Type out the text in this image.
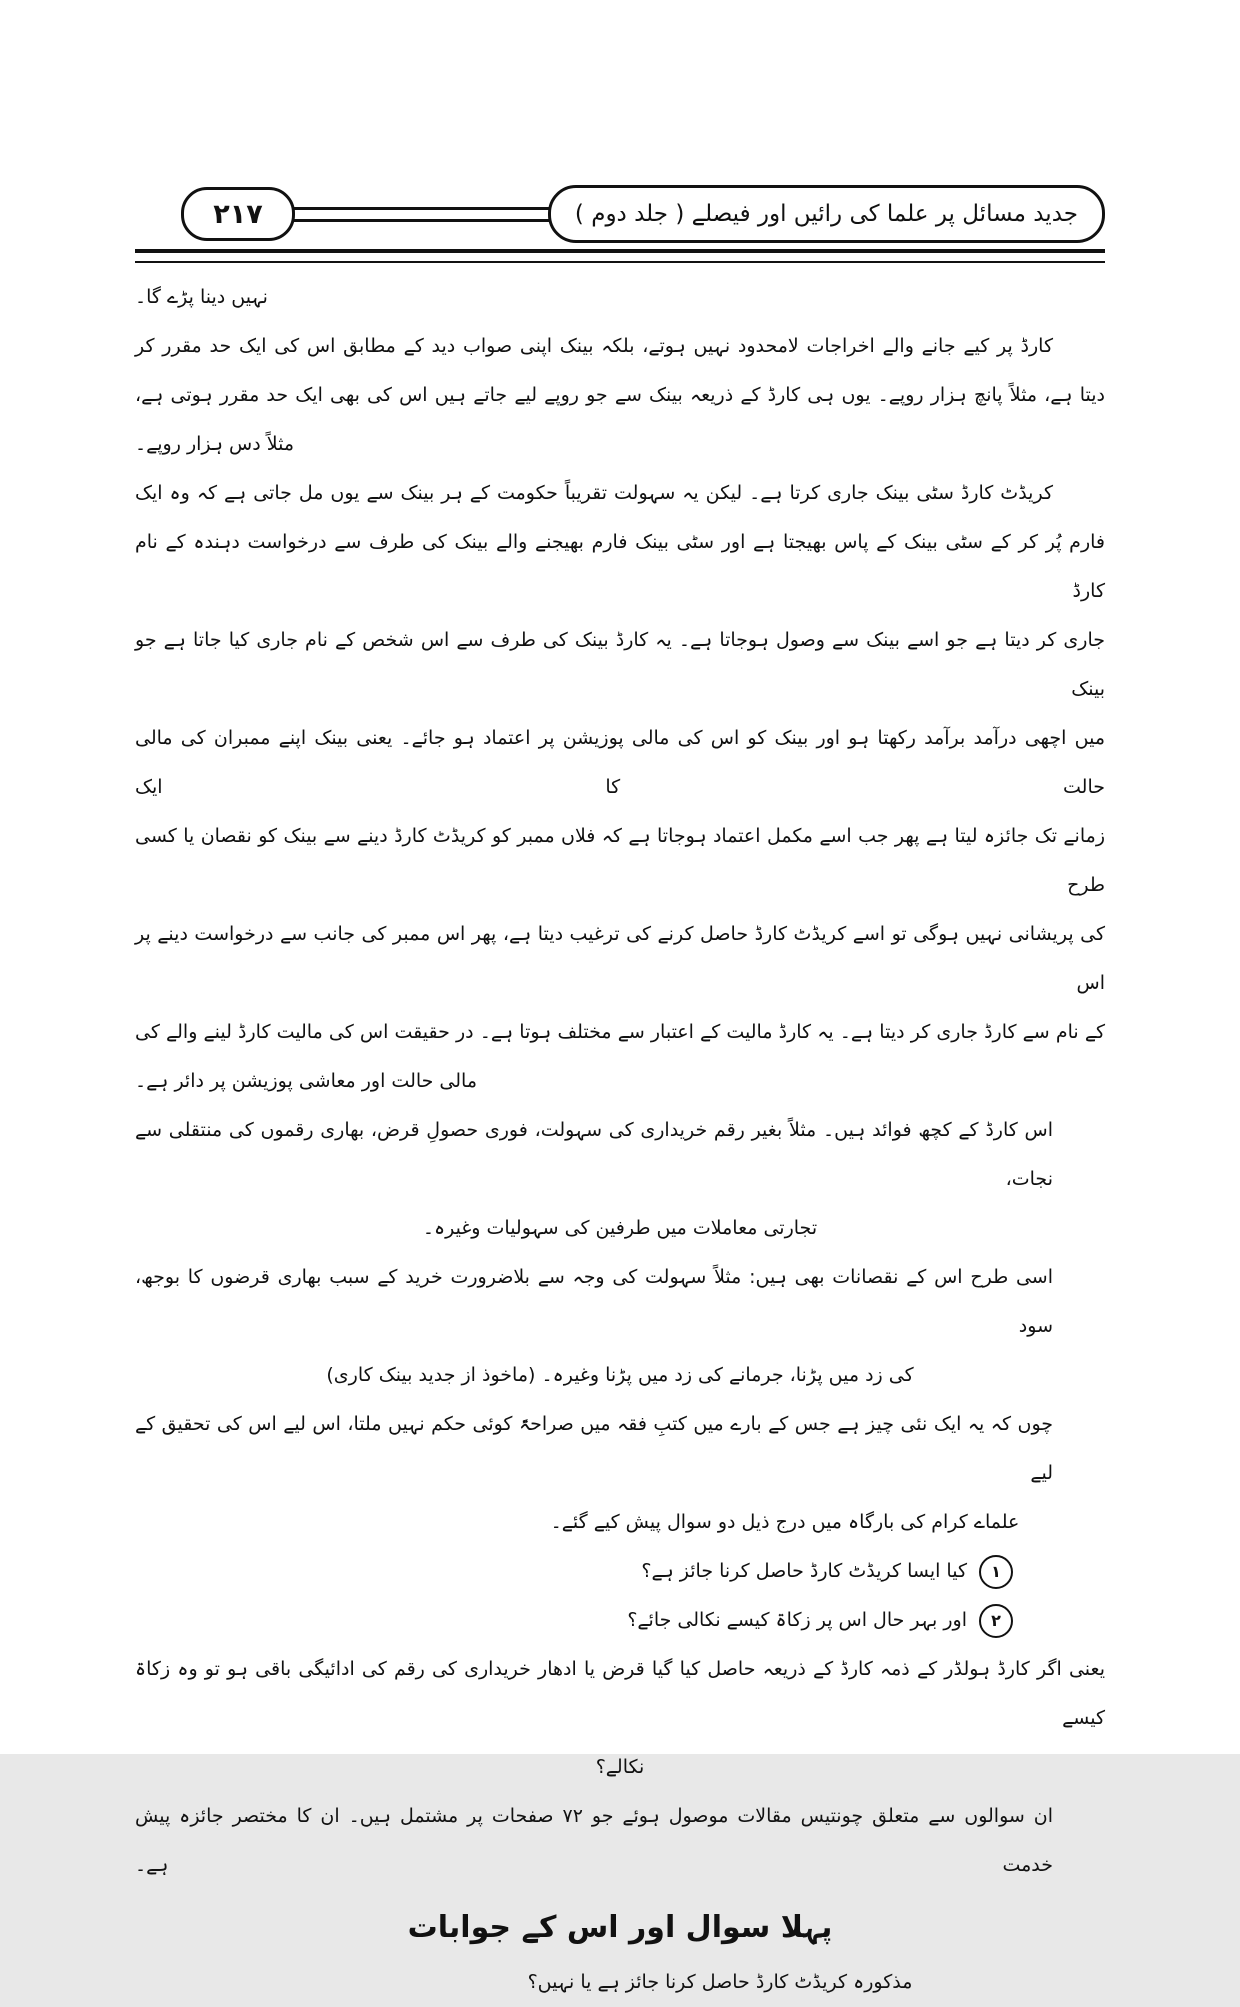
۲۱۷	جدید مسائل پر علما کی رائیں اور فیصلے ( جلد دوم )
نہیں دینا پڑے گا۔
کارڈ پر کیے جانے والے اخراجات لامحدود نہیں ہوتے، بلکہ بینک اپنی صواب دید کے مطابق اس کی ایک حد مقرر کر
دیتا ہے، مثلاً پانچ ہزار روپے۔ یوں ہی کارڈ کے ذریعہ بینک سے جو روپے لیے جاتے ہیں اس کی بھی ایک حد مقرر ہوتی ہے،
مثلاً دس ہزار روپے۔
کریڈٹ کارڈ سٹی بینک جاری کرتا ہے۔ لیکن یہ سہولت تقریباً حکومت کے ہر بینک سے یوں مل جاتی ہے کہ وہ ایک
فارم پُر کر کے سٹی بینک کے پاس بھیجتا ہے اور سٹی بینک فارم بھیجنے والے بینک کی طرف سے درخواست دہندہ کے نام کارڈ
جاری کر دیتا ہے جو اسے بینک سے وصول ہوجاتا ہے۔ یہ کارڈ بینک کی طرف سے اس شخص کے نام جاری کیا جاتا ہے جو بینک
میں اچھی درآمد برآمد رکھتا ہو اور بینک کو اس کی مالی پوزیشن پر اعتماد ہو جائے۔ یعنی بینک اپنے ممبران کی مالی حالت کا ایک
زمانے تک جائزہ لیتا ہے پھر جب اسے مکمل اعتماد ہوجاتا ہے کہ فلاں ممبر کو کریڈٹ کارڈ دینے سے بینک کو نقصان یا کسی طرح
کی پریشانی نہیں ہوگی تو اسے کریڈٹ کارڈ حاصل کرنے کی ترغیب دیتا ہے، پھر اس ممبر کی جانب سے درخواست دینے پر اس
کے نام سے کارڈ جاری کر دیتا ہے۔ یہ کارڈ مالیت کے اعتبار سے مختلف ہوتا ہے۔ در حقیقت اس کی مالیت کارڈ لینے والے کی
مالی حالت اور معاشی پوزیشن پر دائر ہے۔
اس کارڈ کے کچھ فوائد ہیں۔ مثلاً بغیر رقم خریداری کی سہولت، فوری حصولِ قرض، بھاری رقموں کی منتقلی سے نجات،
تجارتی معاملات میں طرفین کی سہولیات وغیرہ۔
اسی طرح اس کے نقصانات بھی ہیں: مثلاً سہولت کی وجہ سے بلاضرورت خرید کے سبب بھاری قرضوں کا بوجھ، سود
کی زد میں پڑنا، جرمانے کی زد میں پڑنا وغیرہ۔ (ماخوذ از جدید بینک کاری)
چوں کہ یہ ایک نئی چیز ہے جس کے بارے میں کتبِ فقہ میں صراحۃً کوئی حکم نہیں ملتا، اس لیے اس کی تحقیق کے لیے
علماے کرام کی بارگاہ میں درج ذیل دو سوال پیش کیے گئے۔
۱
کیا ایسا کریڈٹ کارڈ حاصل کرنا جائز ہے؟
۲
اور بہر حال اس پر زکاۃ کیسے نکالی جائے؟
یعنی اگر کارڈ ہولڈر کے ذمہ کارڈ کے ذریعہ حاصل کیا گیا قرض یا ادھار خریداری کی رقم کی ادائیگی باقی ہو تو وہ زکاۃ کیسے
نکالے؟
ان سوالوں سے متعلق چونتیس مقالات موصول ہوئے جو ۷۲ صفحات پر مشتمل ہیں۔ ان کا مختصر جائزہ پیش خدمت ہے۔
پہلا سوال اور اس کے جوابات
مذکورہ کریڈٹ کارڈ حاصل کرنا جائز ہے یا نہیں؟
